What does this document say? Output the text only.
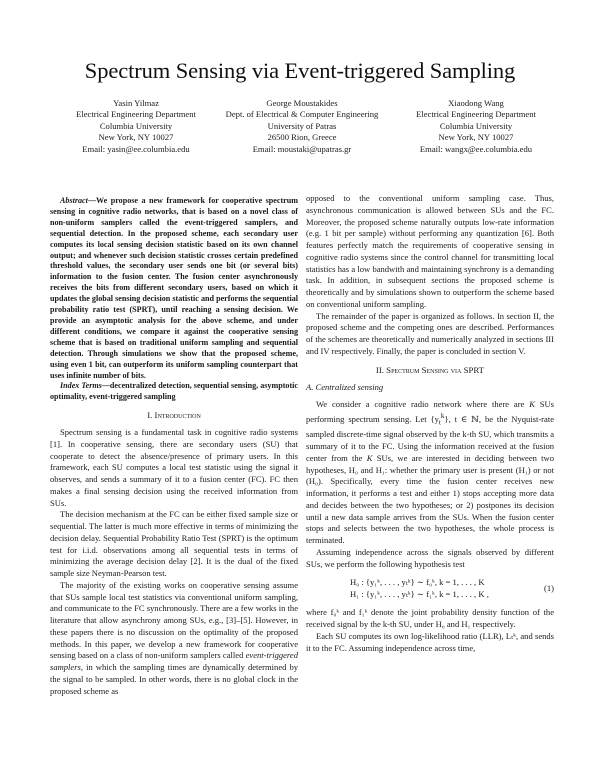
Spectrum Sensing via Event-triggered Sampling
Yasin Yilmaz
Electrical Engineering Department
Columbia University
New York, NY 10027
Email: yasin@ee.columbia.edu
George Moustakides
Dept. of Electrical & Computer Engineering
University of Patras
26500 Rion, Greece
Email: moustaki@upatras.gr
Xiaodong Wang
Electrical Engineering Department
Columbia University
New York, NY 10027
Email: wangx@ee.columbia.edu

Abstract—We propose a new framework for cooperative spectrum sensing in cognitive radio networks, that is based on a novel class of non-uniform samplers called the event-triggered samplers, and sequential detection. In the proposed scheme, each secondary user computes its local sensing decision statistic based on its own channel output; and whenever such decision statistic crosses certain predefined threshold values, the secondary user sends one bit (or several bits) information to the fusion center. The fusion center asynchronously receives the bits from different secondary users, based on which it updates the global sensing decision statistic and performs the sequential probability ratio test (SPRT), until reaching a sensing decision. We provide an asymptotic analysis for the above scheme, and under different conditions, we compare it against the cooperative sensing scheme that is based on traditional uniform sampling and sequential detection. Through simulations we show that the proposed scheme, using even 1 bit, can outperform its uniform sampling counterpart that uses infinite number of bits.

Index Terms—decentralized detection, sequential sensing, asymptotic optimality, event-triggered sampling

I. Introduction

Spectrum sensing is a fundamental task in cognitive radio systems [1]. In cooperative sensing, there are secondary users (SU) that cooperate to detect the absence/presence of primary users. In this framework, each SU computes a local test statistic using the signal it observes, and sends a summary of it to a fusion center (FC). FC then makes a final sensing decision using the received information from SUs.

The decision mechanism at the FC can be either fixed sample size or sequential. The latter is much more effective in terms of minimizing the decision delay. Sequential Probability Ratio Test (SPRT) is the optimum test for i.i.d. observations among all sequential tests in terms of minimizing the average decision delay [2]. It is the dual of the fixed sample size Neyman-Pearson test.

The majority of the existing works on cooperative sensing assume that SUs sample local test statistics via conventional uniform sampling, and communicate to the FC synchronously. There are a few works in the literature that allow asynchrony among SUs, e.g., [3]–[5]. However, in these papers there is no discussion on the optimality of the proposed methods. In this paper, we develop a new framework for cooperative sensing based on a class of non-uniform samplers called event-triggered samplers, in which the sampling times are dynamically determined by the signal to be sampled. In other words, there is no global clock in the proposed scheme as

opposed to the conventional uniform sampling case. Thus, asynchronous communication is allowed between SUs and the FC. Moreover, the proposed scheme naturally outputs low-rate information (e.g. 1 bit per sample) without performing any quantization [6]. Both features perfectly match the requirements of cooperative sensing in cognitive radio systems since the control channel for transmitting local statistics has a low bandwith and maintaining synchrony is a demanding task. In addition, in subsequent sections the proposed scheme is theoretically and by simulations shown to outperform the scheme based on conventional uniform sampling.

The remainder of the paper is organized as follows. In section II, the proposed scheme and the competing ones are described. Performances of the schemes are theoretically and numerically analyzed in sections III and IV respectively. Finally, the paper is concluded in section V.

II. Spectrum Sensing via SPRT
A. Centralized sensing

We consider a cognitive radio network where there are K SUs performing spectrum sensing. Let $\{y_t^k\}$, t ∈ ℕ, be the Nyquist-rate sampled discrete-time signal observed by the k-th SU, which transmits a summary of it to the FC. Using the information received at the fusion center from the K SUs, we are interested in deciding between two hypotheses, H₀ and H₁: whether the primary user is present (H₁) or not (H₀). Specifically, every time the fusion center receives new information, it performs a test and either 1) stops accepting more data and decides between the two hypotheses; or 2) postpones its decision until a new data sample arrives from the SUs. When the fusion center stops and selects between the two hypotheses, the whole process is terminated.

Assuming independence across the signals observed by different SUs, we perform the following hypothesis test

H₀ : {y₁ᵏ, . . . , yₜᵏ} ∼ f₀ᵏ, k = 1, . . . , K
H₁ : {y₁ᵏ, . . . , yₜᵏ} ∼ f₁ᵏ, k = 1, . . . , K ,
(1)

where f₀ᵏ and f₁ᵏ denote the joint probability density function of the received signal by the k-th SU, under H₀ and H₁ respectively.

Each SU computes its own log-likelihood ratio (LLR), Lₜᵏ, and sends it to the FC. Assuming independence across time,
